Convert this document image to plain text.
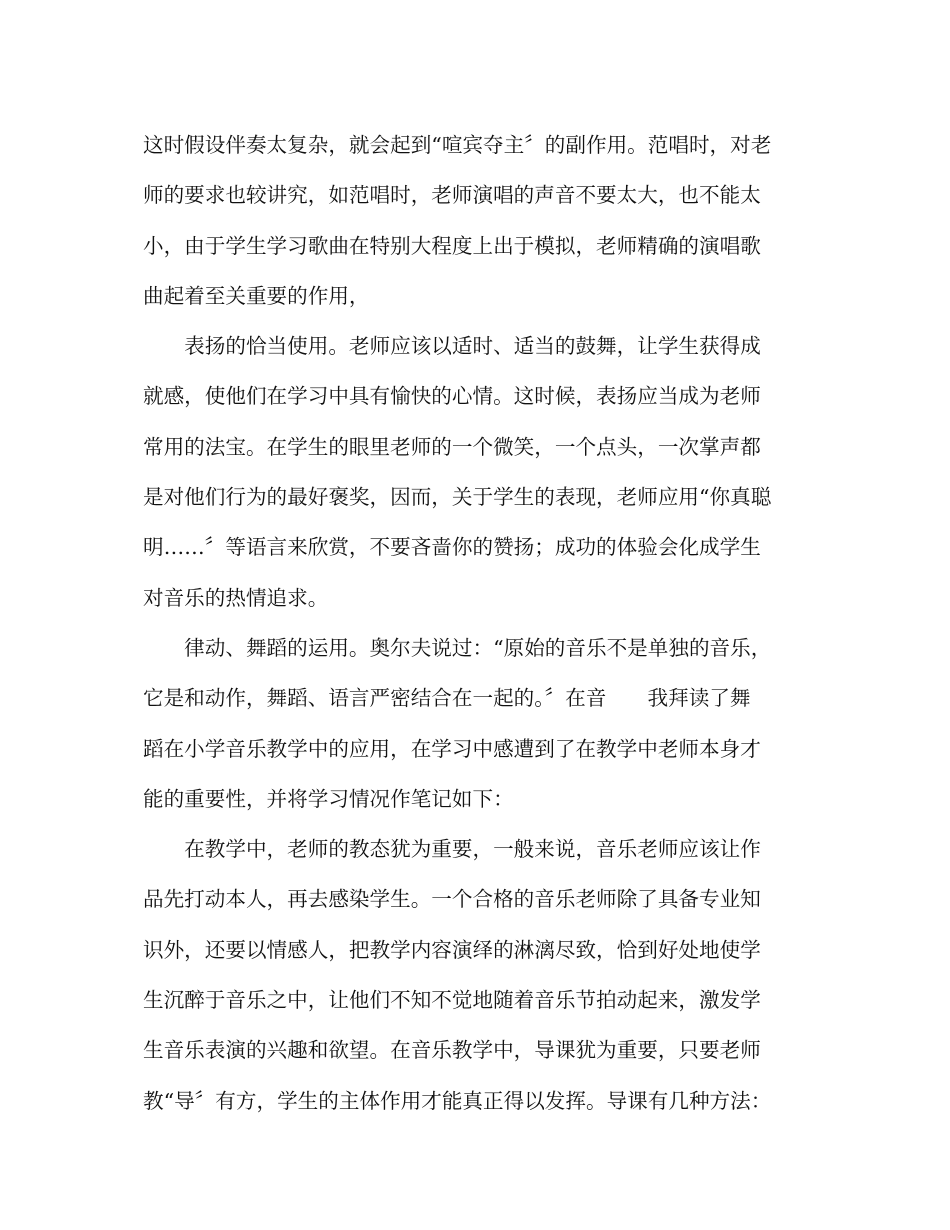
这时假设伴奏太复杂，就会起到“喧宾夺主〞的副作用。范唱时，对老
师的要求也较讲究，如范唱时，老师演唱的声音不要太大，也不能太
小，由于学生学习歌曲在特别大程度上出于模拟，老师精确的演唱歌
曲起着至关重要的作用，
　　表扬的恰当使用。老师应该以适时、适当的鼓舞，让学生获得成
就感，使他们在学习中具有愉快的心情。这时候，表扬应当成为老师
常用的法宝。在学生的眼里老师的一个微笑，一个点头，一次掌声都
是对他们行为的最好褒奖，因而，关于学生的表现，老师应用“你真聪
明……〞等语言来欣赏，不要吝啬你的赞扬；成功的体验会化成学生
对音乐的热情追求。
　　律动、舞蹈的运用。奥尔夫说过：“原始的音乐不是单独的音乐，
它是和动作，舞蹈、语言严密结合在一起的。〞在音　　我拜读了舞
蹈在小学音乐教学中的应用，在学习中感遭到了在教学中老师本身才
能的重要性，并将学习情况作笔记如下：
　　在教学中，老师的教态犹为重要，一般来说，音乐老师应该让作
品先打动本人，再去感染学生。一个合格的音乐老师除了具备专业知
识外，还要以情感人，把教学内容演绎的淋漓尽致，恰到好处地使学
生沉醉于音乐之中，让他们不知不觉地随着音乐节拍动起来，激发学
生音乐表演的兴趣和欲望。在音乐教学中，导课犹为重要，只要老师
教“导〞有方，学生的主体作用才能真正得以发挥。导课有几种方法：
